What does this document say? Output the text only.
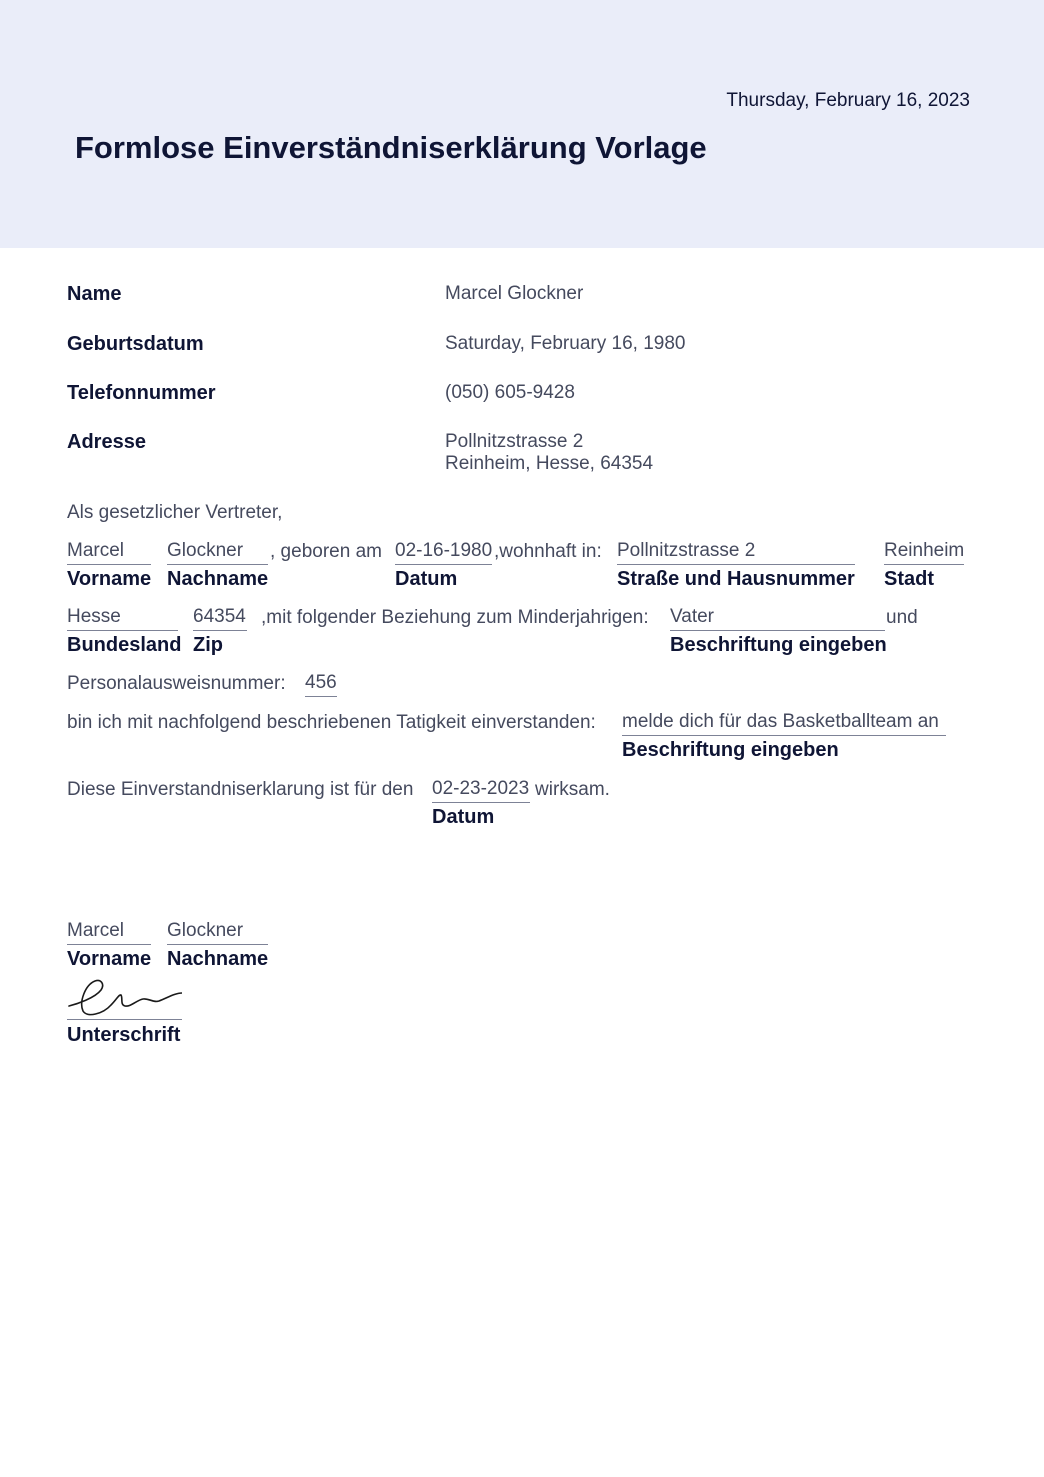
Thursday, February 16, 2023
Formlose Einverständniserklärung Vorlage
Name	Marcel Glockner
Geburtsdatum	Saturday, February 16, 1980
Telefonnummer	(050) 605-9428
Adresse	Pollnitzstrasse 2
Reinheim, Hesse, 64354
Als gesetzlicher Vertreter,
Marcel
Vorname
Glockner
Nachname
, geboren am 02-16-1980
Datum
,wohnhaft in: Pollnitzstrasse 2
Straße und Hausnummer
Reinheim
Stadt
Hesse
Bundesland
64354
Zip
,mit folgender Beziehung zum Minderjahrigen: Vater
Beschriftung eingeben
und
Personalausweisnummer: 456
bin ich mit nachfolgend beschriebenen Tatigkeit einverstanden: melde dich für das Basketballteam an
Beschriftung eingeben
Diese Einverstandniserklarung ist für den 02-23-2023
Datum
wirksam.
Marcel
Vorname
Glockner
Nachname
Unterschrift
